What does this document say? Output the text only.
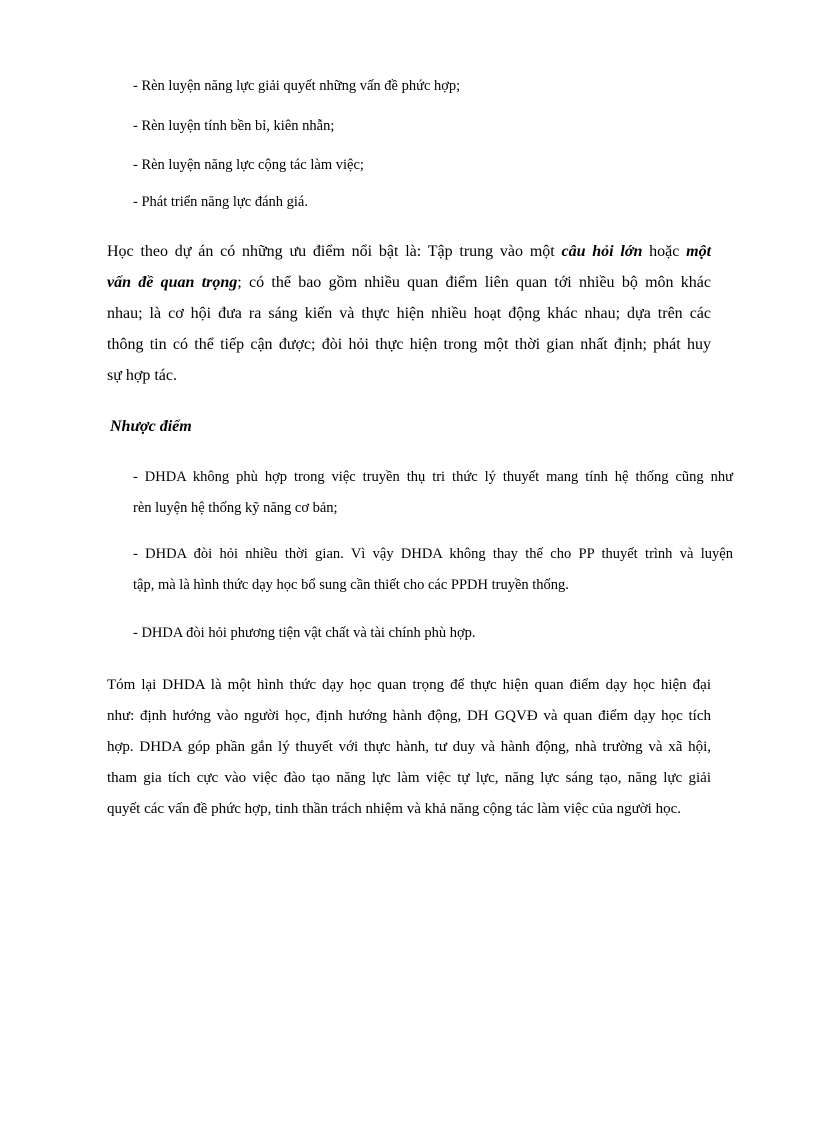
- Rèn luyện năng lực giải quyết những vấn đề phức hợp;
- Rèn luyện tính bền bỉ, kiên nhẫn;
- Rèn luyện năng lực cộng tác làm việc;
- Phát triển năng lực đánh giá.
Học theo dự án có những ưu điểm nổi bật là: Tập trung vào một câu hỏi lớn hoặc một
vấn đề quan trọng; có thể bao gồm nhiều quan điểm liên quan tới nhiều bộ môn khác
nhau; là cơ hội đưa ra sáng kiến và thực hiện nhiều hoạt động khác nhau; dựa trên các
thông tin có thể tiếp cận được; đòi hỏi thực hiện trong một thời gian nhất định; phát huy
sự hợp tác.
Nhược điểm
- DHDA không phù hợp trong việc truyền thụ tri thức lý thuyết mang tính hệ thống cũng như
rèn luyện hệ thống kỹ năng cơ bản;
- DHDA đòi hỏi nhiều thời gian. Vì vậy DHDA không thay thế cho PP thuyết trình và luyện
tập, mà là hình thức dạy học bổ sung cần thiết cho các PPDH truyền thống.
- DHDA đòi hỏi phương tiện vật chất và tài chính phù hợp.
Tóm lại DHDA là một hình thức dạy học quan trọng để thực hiện quan điểm dạy học hiện đại
như: định hướng vào người học, định hướng hành động, DH GQVĐ và quan điểm dạy học tích
hợp. DHDA góp phần gắn lý thuyết với thực hành, tư duy và hành động, nhà trường và xã hội,
tham gia tích cực vào việc đào tạo năng lực làm việc tự lực, năng lực sáng tạo, năng lực giải
quyết các vấn đề phức hợp, tinh thần trách nhiệm và khả năng cộng tác làm việc của người học.
